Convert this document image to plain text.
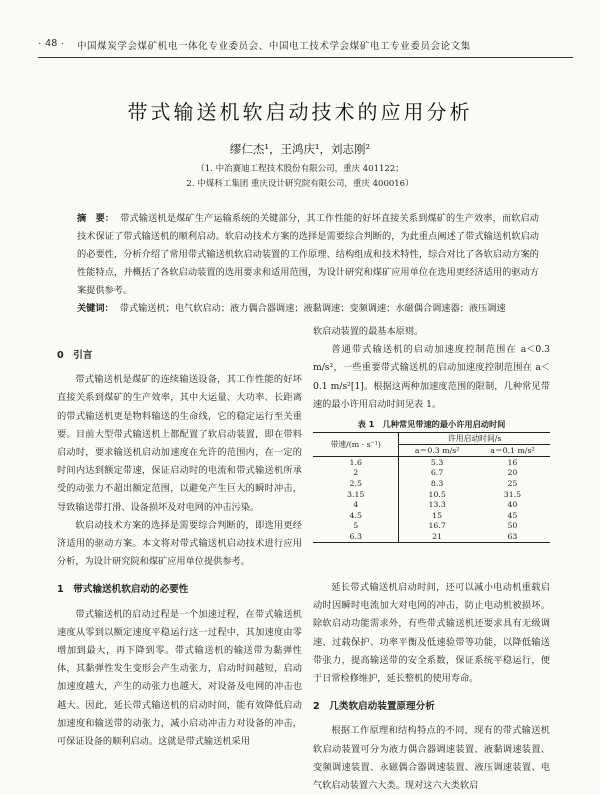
· 48 · 中国煤炭学会煤矿机电一体化专业委员会、中国电工技术学会煤矿电工专业委员会论文集
带式输送机软启动技术的应用分析
缪仁杰¹，王鸿庆¹，刘志刚²
（1. 中冶赛迪工程技术股份有限公司，重庆 401122；
2. 中煤科工集团 重庆设计研究院有限公司，重庆 400016）
摘　要： 带式输送机是煤矿生产运输系统的关键部分，其工作性能的好坏直接关系到煤矿的生产效率，而软启动技术保证了带式输送机的顺利启动。软启动技术方案的选择是需要综合判断的，为此重点阐述了带式输送机软启动的必要性，分析介绍了常用带式输送机软启动装置的工作原理、结构组成和技术特性，综合对比了各软启动方案的性能特点，并概括了各软启动装置的选用要求和适用范围，为设计研究和煤矿应用单位在选用更经济适用的驱动方案提供参考。
关键词： 带式输送机；电气软启动；液力偶合器调速；液黏调速；变频调速；水磁偶合调速器；液压调速
0　引言

带式输送机是煤矿的连续输送设备，其工作性能的好坏直接关系到煤矿的生产效率，其中大运量、大功率、长距离的带式输送机更是物料输送的生命线，它的稳定运行至关重要。目前大型带式输送机上都配置了软启动装置，即在带料启动时，要求输送机启动加速度在允许的范围内，在一定的时间内达到额定带速，保证启动时的电流和带式输送机所承受的动张力不超出额定范围，以避免产生巨大的瞬时冲击，导致输送带打滑、设备损坏及对电网的冲击污染。

软启动技术方案的选择是需要综合判断的，即选用更经济适用的驱动方案。本文将对带式输送机启动技术进行应用分析，为设计研究院和煤矿应用单位提供参考。

1　带式输送机软启动的必要性

带式输送机的启动过程是一个加速过程，在带式输送机速度从零到以额定速度平稳运行这一过程中，其加速度由零增加到最大，再下降到零。带式输送机的输送带为黏弹性体，其黏弹性发生变形会产生动张力，启动时间越短，启动加速度越大，产生的动张力也越大，对设备及电网的冲击也越大。因此，延长带式输送机的启动时间，能有效降低启动加速度和输送带的动张力，减小启动冲击力对设备的冲击，可保证设备的顺利启动。这就是带式输送机采用

软启动装置的最基本原则。

普通带式输送机的启动加速度控制范围在 a＜0.3 m/s²，一些重要带式输送机的启动加速度控制范围在 a＜0.1 m/s²[1]。根据这两种加速度范围的限制，几种常见带速的最小许用启动时间见表 1。

表 1　几种常见带速的最小许用启动时间
带速/(m · s⁻¹)	许用启动时间/s	
	a＝0.3 m/s²	a＝0.1 m/s²
1.6	5.3	16
2	6.7	20
2.5	8.3	25
3.15	10.5	31.5
4	13.3	40
4.5	15	45
5	16.7	50
6.3	21	63

延长带式输送机启动时间，还可以减小电动机重载启动时因瞬时电流加大对电网的冲击，防止电动机被损坏。除软启动功能需求外，有些带式输送机还要求具有无级调速、过载保护、功率平衡及低速验带等功能，以降低输送带张力，提高输送带的安全系数，保证系统平稳运行，便于日常检修维护，延长整机的使用寿命。

2　几类软启动装置原理分析

根据工作原理和结构特点的不同，现有的带式输送机软启动装置可分为液力偶合器调速装置、液黏调速装置、变频调速装置、永磁偶合器调速装置、液压调速装置、电气软启动装置六大类。现对这六大类软启
